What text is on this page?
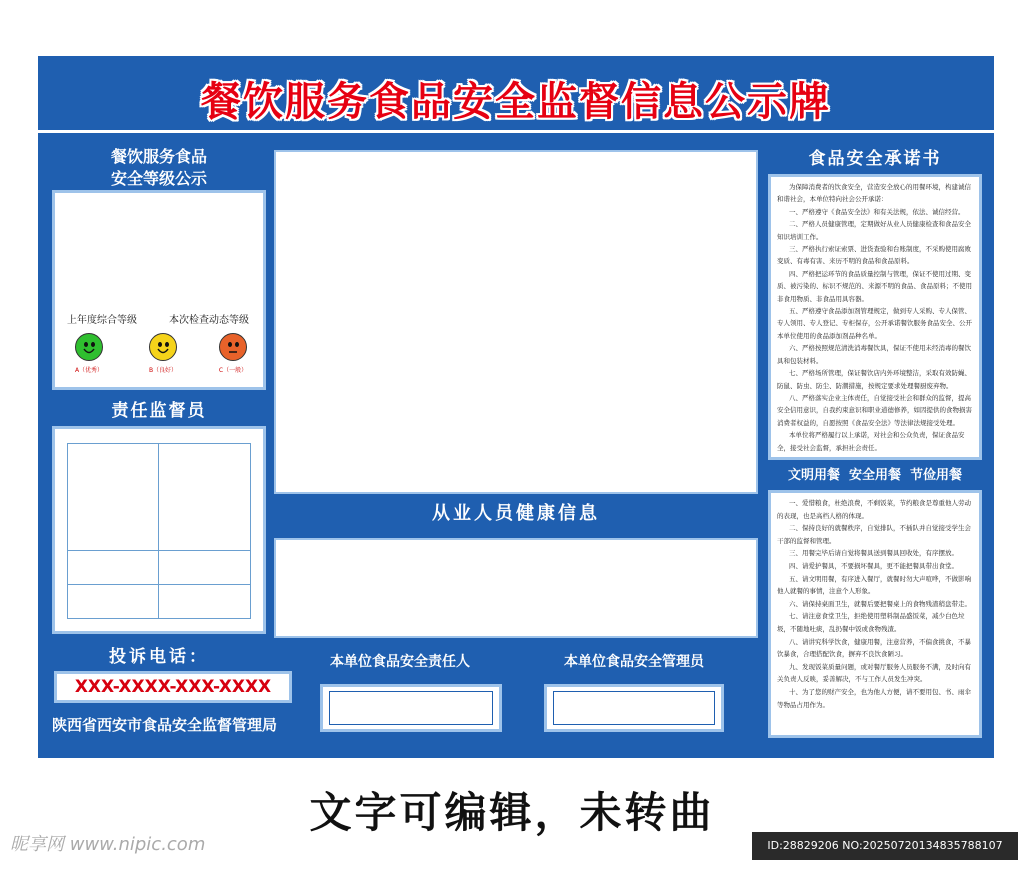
餐饮服务食品安全监督信息公示牌
餐饮服务食品
安全等级公示
上年度综合等级	本次检查动态等级
A（优秀）	B（良好）	C（一般）
责任监督员
投诉电话：
XXX-XXXX-XXX-XXXX
陕西省西安市食品安全监督管理局
从业人员健康信息
本单位食品安全责任人	本单位食品安全管理员
食品安全承诺书

为保障消费者的饮食安全，营造安全放心的用餐环境，构建诚信和谐社会，本单位特向社会公开承诺：

一、严格遵守《食品安全法》和有关法规，依法、诚信经营。

二、严格人员健康管理，定期做好从业人员健康检查和食品安全知识培训工作。

三、严格执行索证索票、进货查验和台账制度，不采购使用腐败变质、有毒有害、来历不明的食品和食品原料。

四、严格把运环节的食品质量控制与管理，保证不使用过期、变质、被污染的、标识不规范的、来源不明的食品、食品原料；不使用非食用物质、非食品用具容器。

五、严格遵守食品添加剂管理规定，做到专人采购、专人保管、专人领用、专人登记、专柜保存，公开承诺餐饮服务食品安全、公开本单位使用的食品添加剂品种名单。

六、严格按照规范清洗消毒餐饮具，保证不使用未经消毒的餐饮具和包装材料。

七、严格场所管理，保证餐饮店内外环境整洁，采取有效防蝇、防鼠、防虫、防尘、防潮措施，按规定要求处理餐厨废弃物。

八、严格落实企业主体责任，自觉接受社会和群众的监督，提高安全信用意识，自我约束意识和职业道德修养，如因提供的食物损害消费者权益的，自愿按照《食品安全法》等法律法规接受处理。

本单位将严格履行以上承诺，对社会和公众负责，保证食品安全，接受社会监督，承担社会责任。

文明用餐  安全用餐  节俭用餐

一、爱惜粮食，杜绝浪费，不剩饭菜，节约粮食是尊重他人劳动的表现，也是高档人格的体现。

二、保持良好的就餐秩序，自觉排队，不插队并自觉接受学生会干部的监督和管理。

三、用餐完毕后请自觉将餐具送到餐具回收处，有序摆放。

四、请爱护餐具，不要损坏餐具，更不能把餐具带出食堂。

五、请文明用餐，有序进入餐厅，就餐时勿大声喧哗，不做影响他人就餐的事情，注意个人形象。

六、请保持桌面卫生，就餐后要把餐桌上的食物残渣稍盘带走。

七、请注意食堂卫生，拒绝使用塑料制品盛饭菜，减少白色垃圾，不随地吐痰，乱扔餐中饭或食物残渣。

八、请讲究科学饮食，健康用餐，注意营养，不偏食挑食，不暴饮暴食，合理搭配饮食，摒弃不良饮食陋习。

九、发现饭菜质量问题，或对餐厅服务人员服务不满，及时向有关负责人反映，妥善解决，不与工作人员发生冲突。

十、为了您的财产安全，也为他人方便，请不要用包、书、雨伞等物品占用作为。

文字可编辑，未转曲
昵享网 www.nipic.com	ID:28829206 NO:20250720134835788107
